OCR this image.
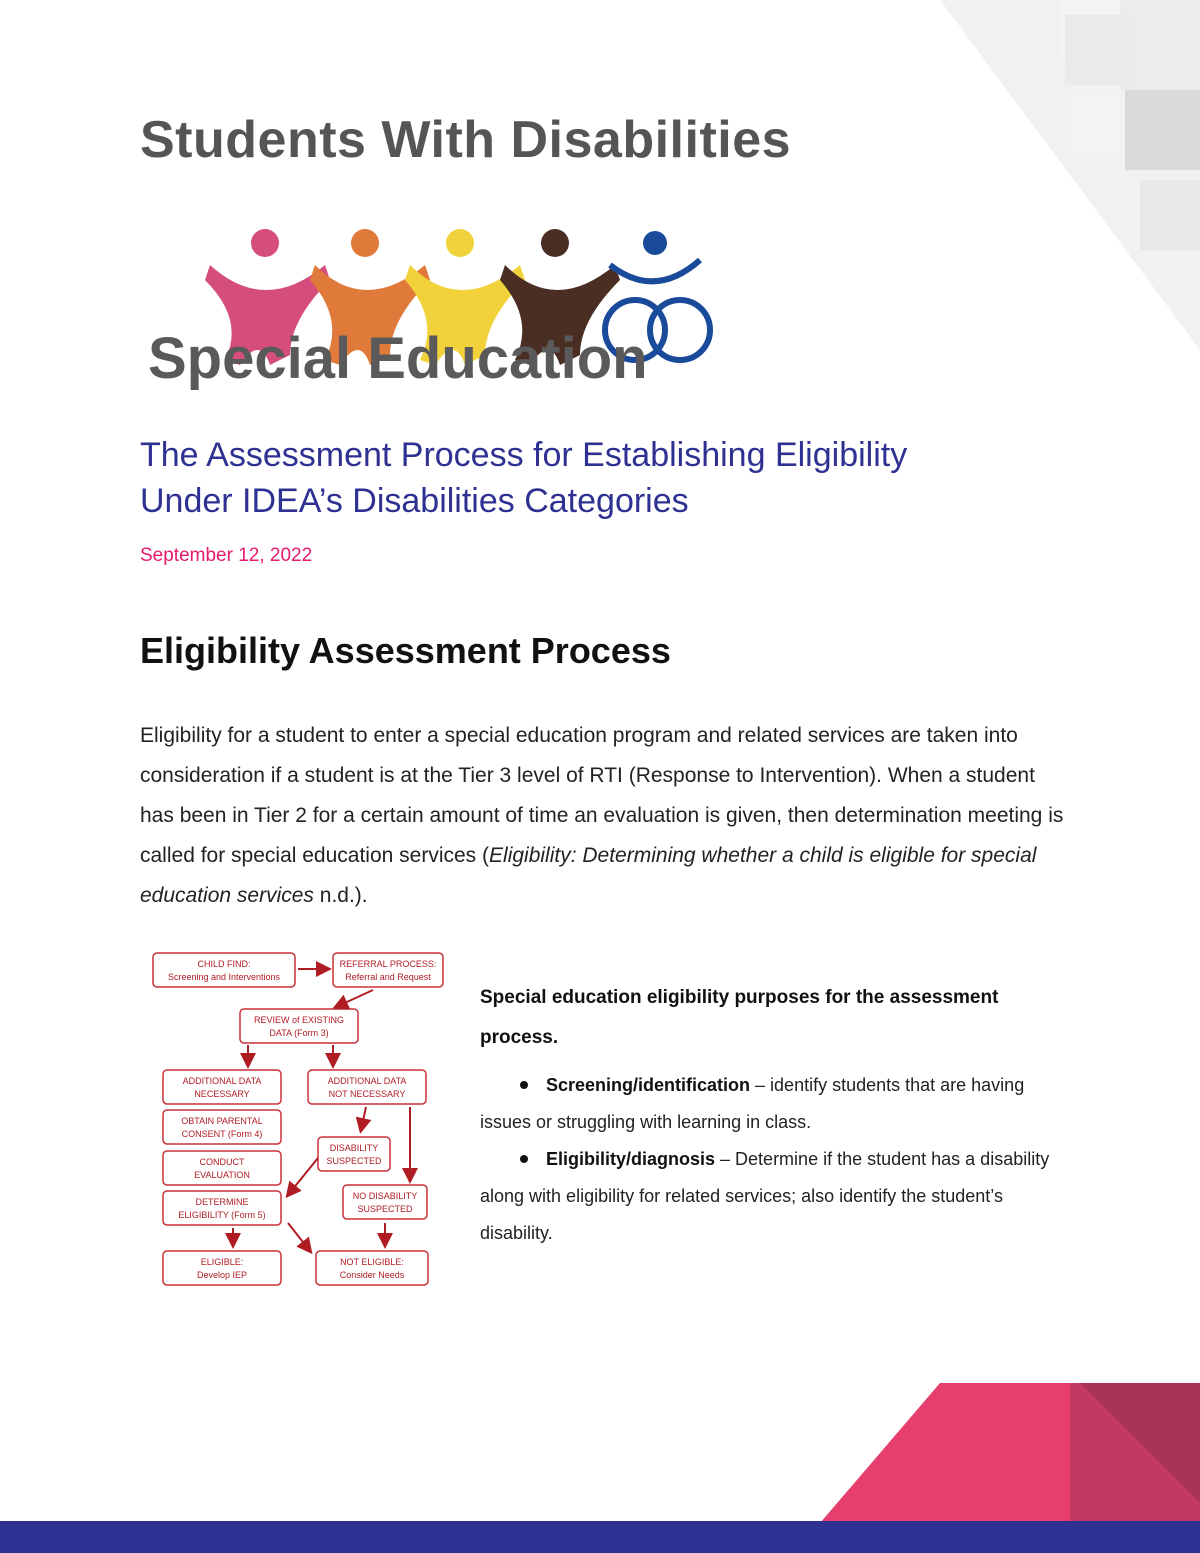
Students With Disabilities
Special Education
The Assessment Process for Establishing Eligibility
Under IDEA’s Disabilities Categories
September 12, 2022
Eligibility Assessment Process

Eligibility for a student to enter a special education program and related services are taken into consideration if a student is at the Tier 3 level of RTI (Response to Intervention). When a student has been in Tier 2 for a certain amount of time an evaluation is given, then determination meeting is called for special education services (Eligibility: Determining whether a child is eligible for special education services n.d.).

CHILD FIND:
Screening and Interventions
REFERRAL PROCESS:
Referral and Request
REVIEW of EXISTING
DATA (Form 3)
ADDITIONAL DATA
NECESSARY
ADDITIONAL DATA
NOT NECESSARY
OBTAIN PARENTAL
CONSENT (Form 4)
DISABILITY
SUSPECTED
CONDUCT
EVALUATION
NO DISABILITY
SUSPECTED
DETERMINE
ELIGIBILITY (Form 5)
ELIGIBLE:
Develop IEP
NOT ELIGIBLE:
Consider Needs
Special education eligibility purposes for the assessment process.
Screening/identification – identify students that are having issues or struggling with learning in class.
Eligibility/diagnosis – Determine if the student has a disability along with eligibility for related services; also identify the student’s disability.
